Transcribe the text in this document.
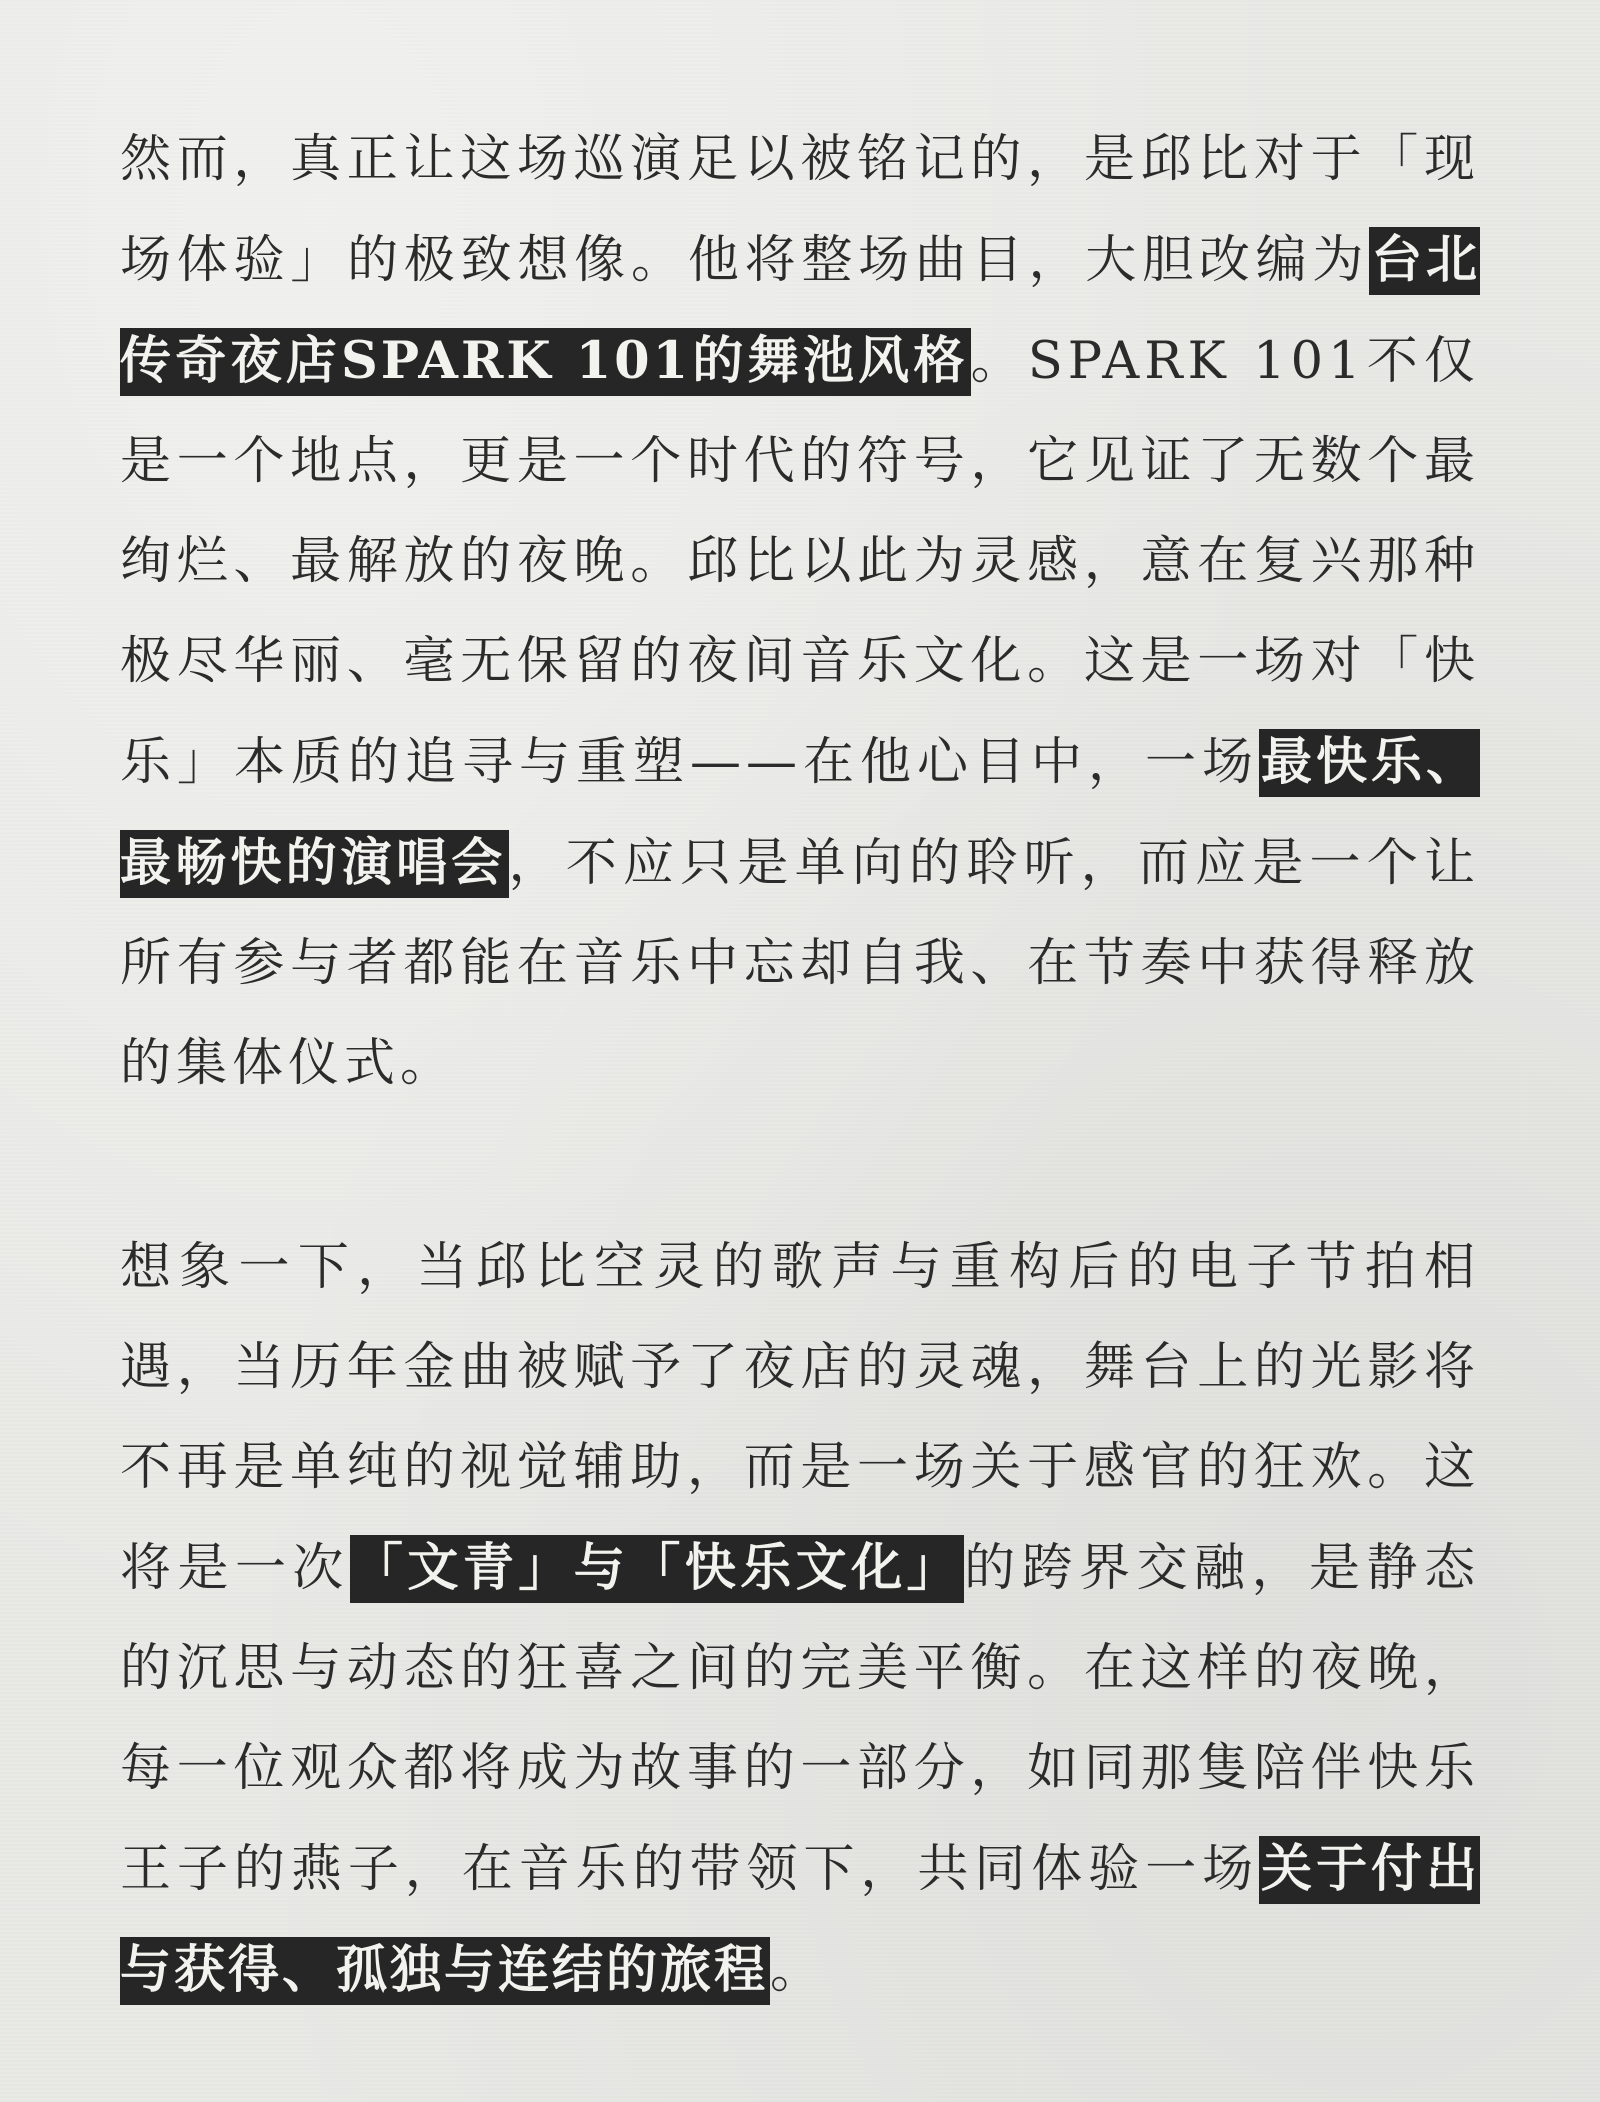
然而，真正让这场巡演足以被铭记的，是邱比对于「现场体验」的极致想像。他将整场曲目，大胆改编为台北传奇夜店SPARK 101的舞池风格。SPARK 101不仅是一个地点，更是一个时代的符号，它见证了无数个最绚烂、最解放的夜晚。邱比以此为灵感，意在复兴那种极尽华丽、毫无保留的夜间音乐文化。这是一场对「快乐」本质的追寻与重塑——在他心目中，一场最快乐、最畅快的演唱会，不应只是单向的聆听，而应是一个让所有参与者都能在音乐中忘却自我、在节奏中获得释放的集体仪式。

想象一下，当邱比空灵的歌声与重构后的电子节拍相遇，当历年金曲被赋予了夜店的灵魂，舞台上的光影将不再是单纯的视觉辅助，而是一场关于感官的狂欢。这将是一次「文青」与「快乐文化」的跨界交融，是静态的沉思与动态的狂喜之间的完美平衡。在这样的夜晚，每一位观众都将成为故事的一部分，如同那隻陪伴快乐王子的燕子，在音乐的带领下，共同体验一场关于付出与获得、孤独与连结的旅程。
